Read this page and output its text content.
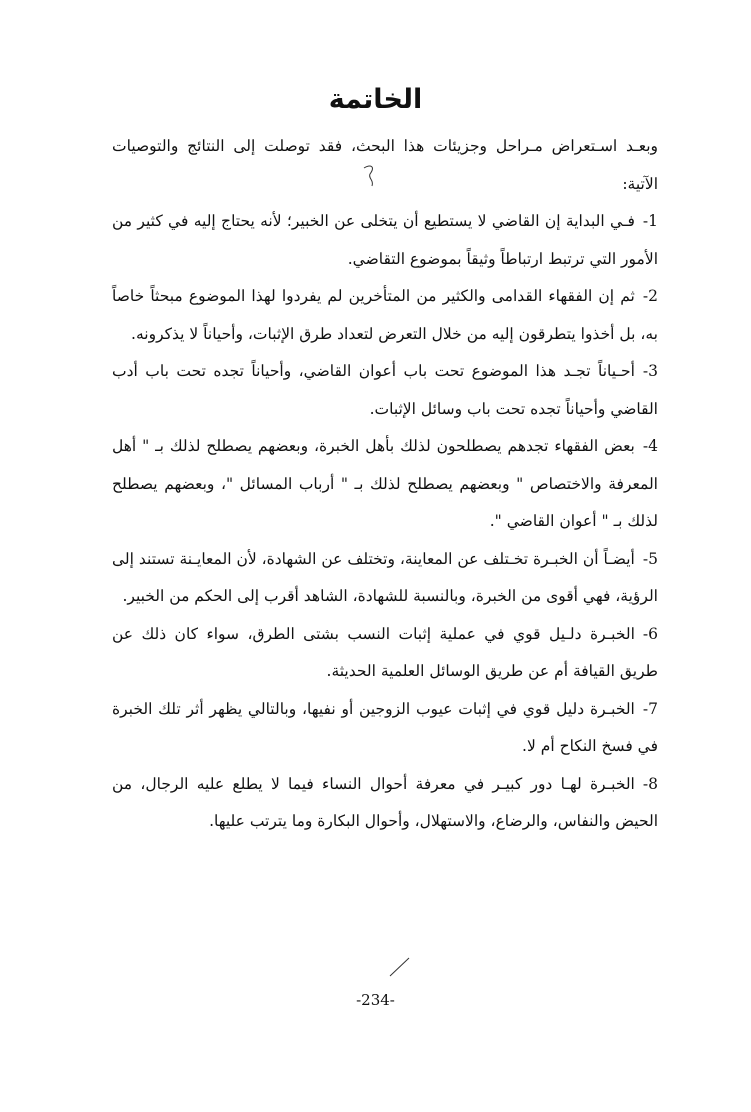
الخاتمة

وبعـد اسـتعراض مـراحل وجزيئات هذا البحث، فقد توصلت إلى النتائج والتوصيات الآتية:

1-فـي البداية إن القاضي لا يستطيع أن يتخلى عن الخبير؛ لأنه يحتاج إليه في كثير من الأمور التي ترتبط ارتباطاً وثيقاً بموضوع التقاضي.

2-ثم إن الفقهاء القدامى والكثير من المتأخرين لم يفردوا لهذا الموضوع مبحثاً خاصاً به، بل أخذوا يتطرقون إليه من خلال التعرض لتعداد طرق الإثبات، وأحياناً لا يذكرونه.

3-أحـياناً تجـد هذا الموضوع تحت باب أعوان القاضي، وأحياناً تجده تحت باب أدب القاضي وأحياناً تجده تحت باب وسائل الإثبات.

4-بعض الفقهاء تجدهم يصطلحون لذلك بأهل الخبرة، وبعضهم يصطلح لذلك بـ " أهل المعرفة والاختصاص " وبعضهم يصطلح لذلك بـ " أرباب المسائل "، وبعضهم يصطلح لذلك بـ " أعوان القاضي ".

5-أيضـاً أن الخبـرة تخـتلف عن المعاينة، وتختلف عن الشهادة، لأن المعايـنة تستند إلى الرؤية، فهي أقوى من الخبرة، وبالنسبة للشهادة، الشاهد أقرب إلى الحكم من الخبير.

6-الخبـرة دلـيل قوي في عملية إثبات النسب بشتى الطرق، سواء كان ذلك عن طريق القيافة أم عن طريق الوسائل العلمية الحديثة.

7-الخبـرة دليل قوي في إثبات عيوب الزوجين أو نفيها، وبالتالي يظهر أثر تلك الخبرة في فسخ النكاح أم لا.

8-الخبـرة لهـا دور كبيـر في معرفة أحوال النساء فيما لا يطلع عليه الرجال، من الحيض والنفاس، والرضاع، والاستهلال، وأحوال البكارة وما يترتب عليها.

-234-
